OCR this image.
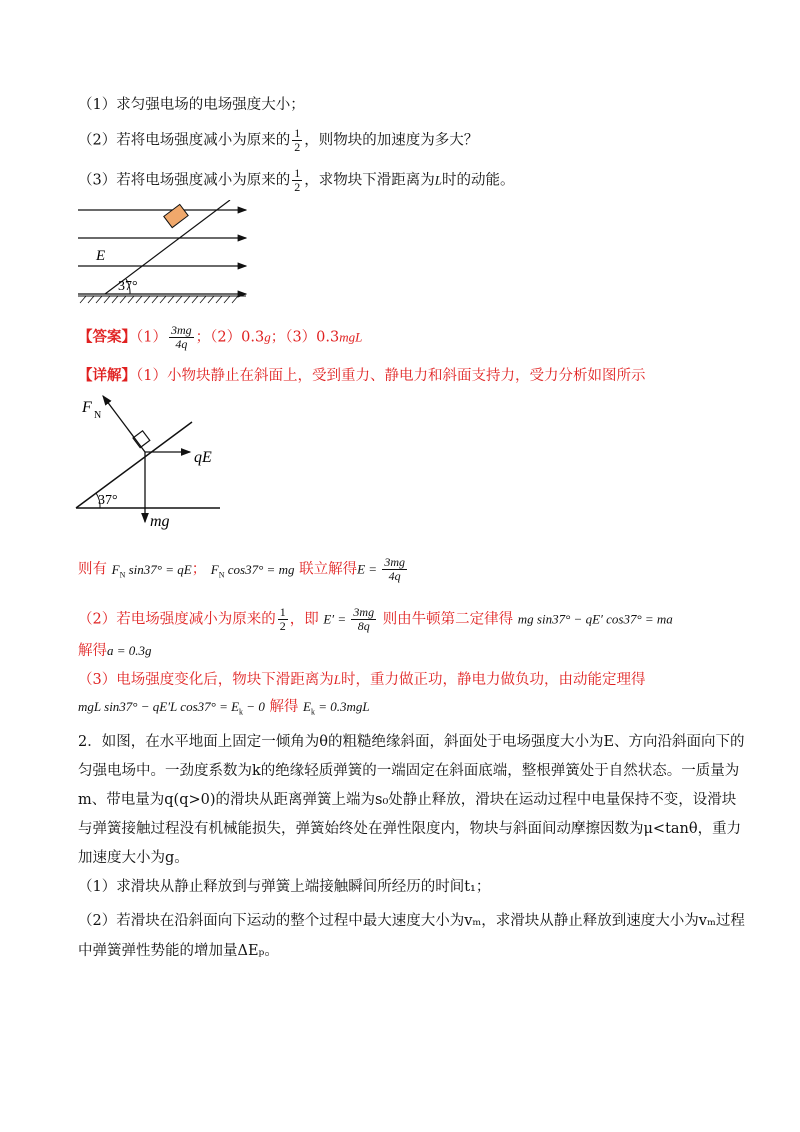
（1）求匀强电场的电场强度大小；
（2）若将电场强度减小为原来的 $\frac{1}{2}$ ，则物块的加速度为多大？
（3）若将电场强度减小为原来的 $\frac{1}{2}$ ，求物块下滑距离为L时的动能。
E
37°
【答案】$(1) \frac{3mg}{4q}$ ；（2）0.3g；（3）0.3mgL
【详解】（1）小物块静止在斜面上，受到重力、静电力和斜面支持力，受力分析如图所示
F N
qE
mg
37°
则有 $F_N$ sin37° = qE； $F_N$ cos37° = mg 联立解得$E = \frac{3mg}{4q}$
（2）若电场强度减小为原来的 $\frac{1}{2}$ ，即 $E' = \frac{3mg}{8q}$ 则由牛顿第二定律得 mg sin37° − qE′ cos37° = ma
解得a = 0.3g
（3）电场强度变化后，物块下滑距离为L时，重力做正功，静电力做负功，由动能定理得
mgL sin37° − qE′L $\cos 37^\circ = E_k - 0$ 解得 $E_k = 0.3mgL$
2．如图，在水平地面上固定一倾角为θ的粗糙绝缘斜面，斜面处于电场强度大小为E、方向沿斜面向下的
匀强电场中。一劲度系数为k的绝缘轻质弹簧的一端固定在斜面底端，整根弹簧处于自然状态。一质量为
m、带电量为q(q>0)的滑块从距离弹簧上端为s₀处静止释放，滑块在运动过程中电量保持不变，设滑块
与弹簧接触过程没有机械能损失，弹簧始终处在弹性限度内，物块与斜面间动摩擦因数为μ<tanθ，重力
加速度大小为g。
（1）求滑块从静止释放到与弹簧上端接触瞬间所经历的时间t₁；
（2）若滑块在沿斜面向下运动的整个过程中最大速度大小为vₘ，求滑块从静止释放到速度大小为vₘ过程
中弹簧弹性势能的增加量ΔEₚ。
